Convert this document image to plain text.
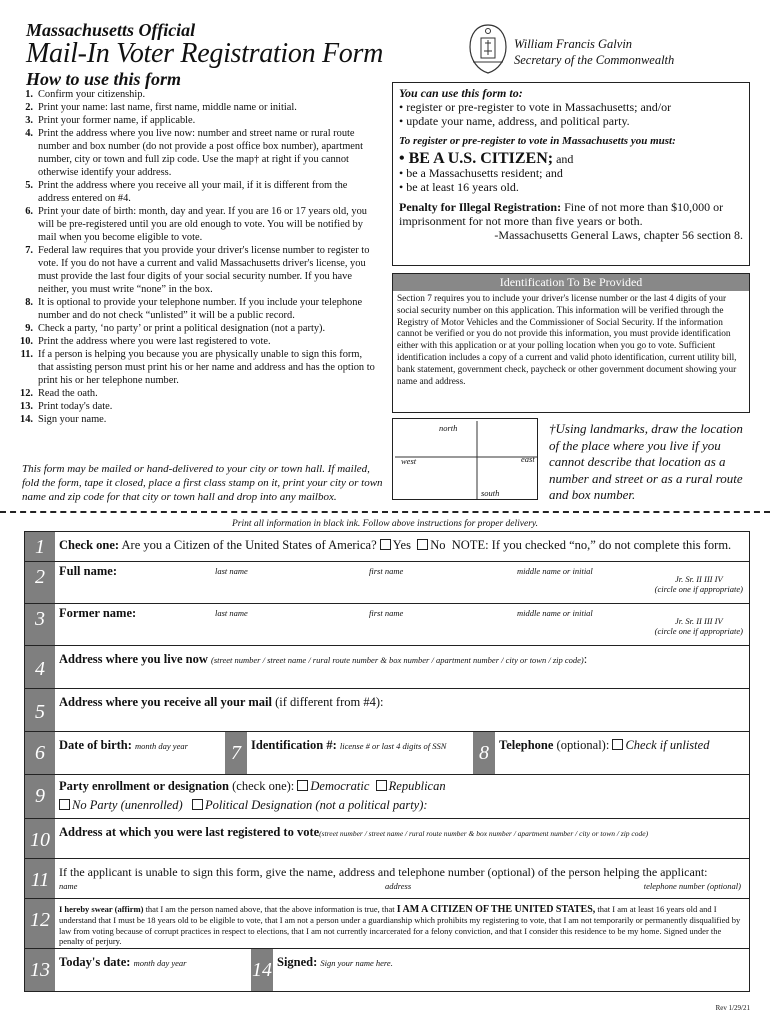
Massachusetts Official
Mail-In Voter Registration Form
How to use this form
William Francis Galvin
Secretary of the Commonwealth
1. Confirm your citizenship.
2. Print your name: last name, first name, middle name or initial.
3. Print your former name, if applicable.
4. Print the address where you live now: number and street name or rural route number and box number (do not provide a post office box number), apartment number, city or town and full zip code. Use the map† at right if you cannot otherwise identify your address.
5. Print the address where you receive all your mail, if it is different from the address entered on #4.
6. Print your date of birth: month, day and year. If you are 16 or 17 years old, you will be pre-registered until you are old enough to vote. You will be notified by mail when you become eligible to vote.
7. Federal law requires that you provide your driver's license number to register to vote. If you do not have a current and valid Massachusetts driver's license, you must provide the last four digits of your social security number. If you have neither, you must write “none” in the box.
8. It is optional to provide your telephone number. If you include your telephone number and do not check “unlisted” it will be a public record.
9. Check a party, ‘no party’ or print a political designation (not a party).
10. Print the address where you were last registered to vote.
11. If a person is helping you because you are physically unable to sign this form, that assisting person must print his or her name and address and has the option to print his or her telephone number.
12. Read the oath.
13. Print today's date.
14. Sign your name.
This form may be mailed or hand-delivered to your city or town hall. If mailed, fold the form, tape it closed, place a first class stamp on it, print your city or town name and zip code for that city or town hall and drop into any mailbox.
You can use this form to:
• register or pre-register to vote in Massachusetts; and/or
• update your name, address, and political party.
To register or pre-register to vote in Massachusetts you must:
• BE A U.S. CITIZEN; and
• be a Massachusetts resident; and
• be at least 16 years old.
Penalty for Illegal Registration: Fine of not more than $10,000 or imprisonment for not more than five years or both.
-Massachusetts General Laws, chapter 56 section 8.
Identification To Be Provided
Section 7 requires you to include your driver's license number or the last 4 digits of your social security number on this application. This information will be verified through the Registry of Motor Vehicles and the Commissioner of Social Security. If the information cannot be verified or you do not provide this information, you must provide identification either with this application or at your polling location when you go to vote. Sufficient identification includes a copy of a current and valid photo identification, current utility bill, bank statement, government check, paycheck or other government document showing your name and address.
north
west	east
south
†Using landmarks, draw the location of the place where you live if you cannot describe that location as a number and street or as a rural route and box number.
Print all information in black ink. Follow above instructions for proper delivery.
1	Check one: Are you a Citizen of the United States of America? Yes No NOTE: If you checked “no,” do not complete this form.
2	Full name:	last name	first name	middle name or initial
Jr. Sr. II III IV
(circle one if appropriate)
3	Former name:	last name	first name	middle name or initial
Jr. Sr. II III IV
(circle one if appropriate)
4	Address where you live now (street number / street name / rural route number & box number / apartment number / city or town / zip code):
5	Address where you receive all your mail (if different from #4):
6	Date of birth: month day year	7 Identification #: license # or last 4 digits of SSN	8 Telephone (optional): Check if unlisted
9	Party enrollment or designation (check one): Democratic Republican
No Party (unenrolled) Political Designation (not a political party):
10 Address at which you were last registered to vote(street number / street name / rural route number & box number / apartment number / city or town / zip code)
11 If the applicant is unable to sign this form, give the name, address and telephone number (optional) of the person helping the applicant:
name	address	telephone number (optional)
12	I hereby swear (affirm) that I am the person named above, that the above information is true, that I AM A CITIZEN OF THE UNITED STATES, that I am at least 16 years old and I understand that I must be 18 years old to be eligible to vote, that I am not a person under a guardianship which prohibits my registering to vote, that I am not temporarily or permanently disqualified by law from voting because of corrupt practices in respect to elections, that I am not currently incarcerated for a felony conviction, and that I consider this residence to be my home. Signed under the penalty of perjury.
13 Today's date: month day year	14 Signed: Sign your name here.
Rev 1/29/21
